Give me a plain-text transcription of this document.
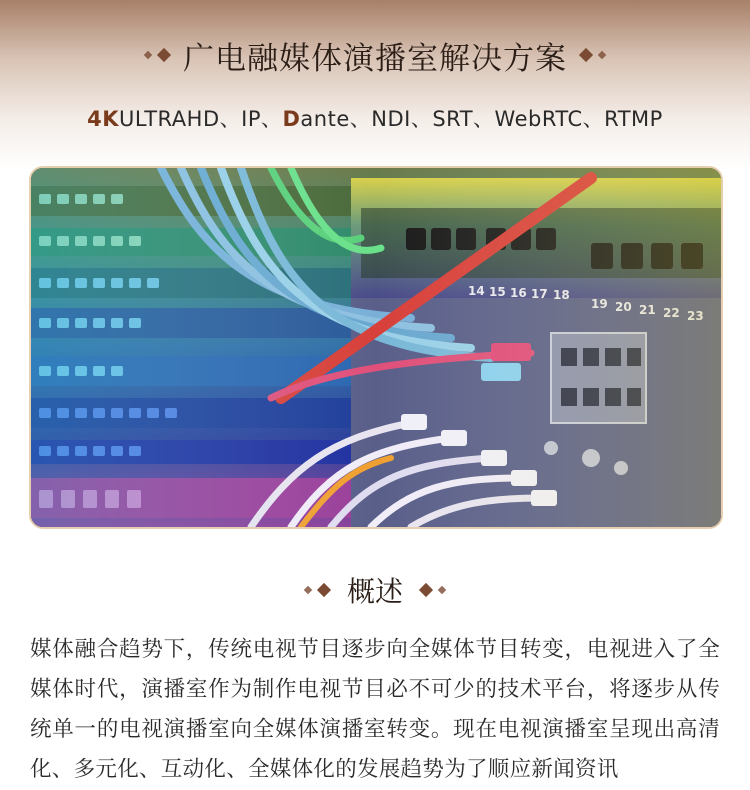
广电融媒体演播室解决方案
4KULTRAHD、IP、Dante、NDI、SRT、WebRTC、RTMP
概述
媒体融合趋势下，传统电视节目逐步向全媒体节目转变，电视进入了全媒体时代，演播室作为制作电视节目必不可少的技术平台，将逐步从传统单一的电视演播室向全媒体演播室转变。现在电视演播室呈现出高清化、多元化、互动化、全媒体化的发展趋势为了顺应新闻资讯
